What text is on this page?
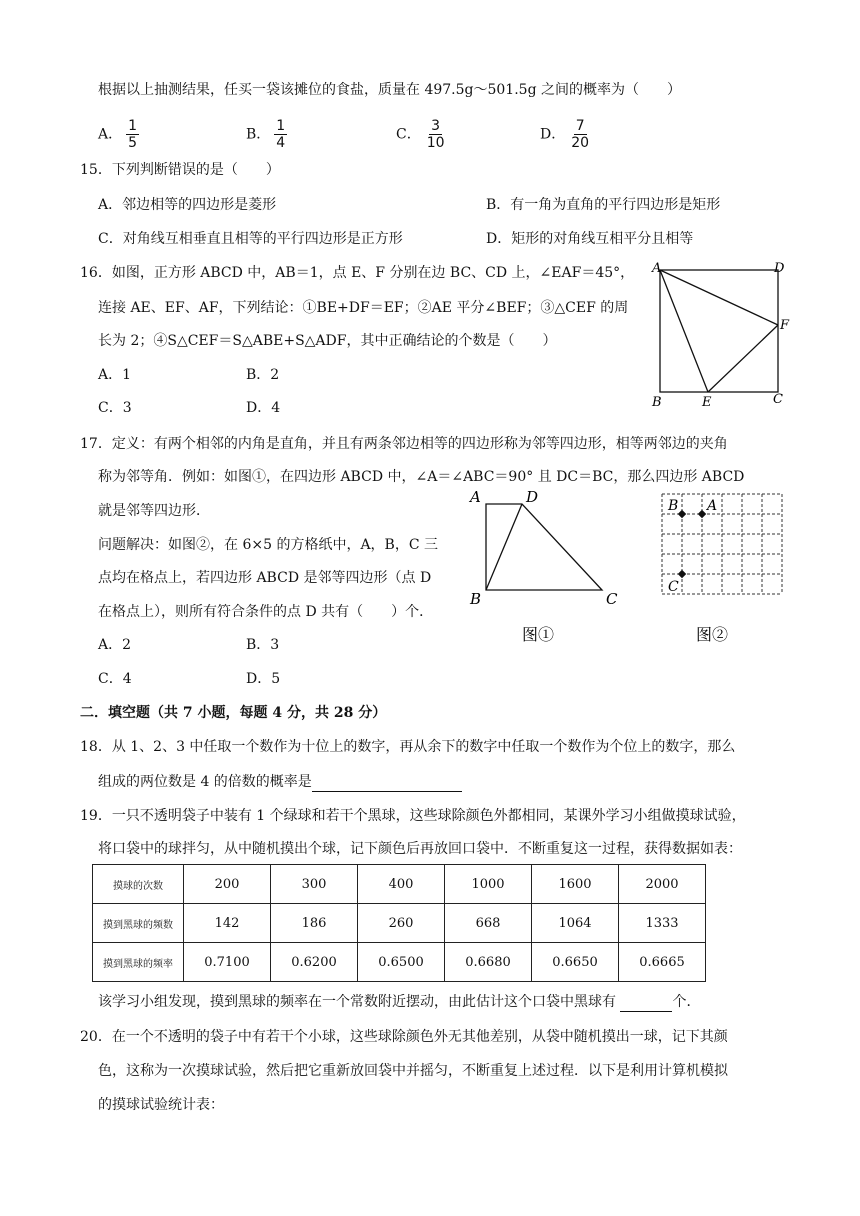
根据以上抽测结果，任买一袋该摊位的食盐，质量在 497.5g～501.5g 之间的概率为（　　）
A． $\frac{1}{5}$	B． $\frac{1}{4}$	C． $\frac{3}{10}$	D． $\frac{7}{20}$
15．下列判断错误的是（　　）
A．邻边相等的四边形是菱形	B．有一角为直角的平行四边形是矩形
C．对角线互相垂直且相等的平行四边形是正方形	D．矩形的对角线互相平分且相等
16．如图，正方形 ABCD 中，AB＝1，点 E、F 分别在边 BC、CD 上，∠EAF＝45°，
连接 AE、EF、AF，下列结论：①BE+DF＝EF；②AE 平分∠BEF；③△CEF 的周
长为 2；④S△CEF＝S△ABE+S△ADF，其中正确结论的个数是（　　）
A．1	B．2
C．3	D．4
A	D
F
B	E	C
17．定义：有两个相邻的内角是直角，并且有两条邻边相等的四边形称为邻等四边形，相等两邻边的夹角
称为邻等角．例如：如图①，在四边形 ABCD 中，∠A＝∠ABC＝90° 且 DC＝BC，那么四边形 ABCD
就是邻等四边形．
问题解决：如图②，在 6×5 的方格纸中，A，B，C 三
点均在格点上，若四边形 ABCD 是邻等四边形（点 D
在格点上），则所有符合条件的点 D 共有（　　）个．
A．2	B．3
C．4	D．5
A	D
B	C
图①
B A
C
图②
二．填空题（共 7 小题，每题 4 分，共 28 分）
18．从 1、2、3 中任取一个数作为十位上的数字，再从余下的数字中任取一个数作为个位上的数字，那么
组成的两位数是 4 的倍数的概率是
19．一只不透明袋子中装有 1 个绿球和若干个黑球，这些球除颜色外都相同，某课外学习小组做摸球试验，
将口袋中的球拌匀，从中随机摸出个球，记下颜色后再放回口袋中．不断重复这一过程，获得数据如表：
摸球的次数	200	300	400	1000	1600	2000
摸到黑球的频数	142	186	260	668	1064	1333
摸到黑球的频率	0.7100	0.6200	0.6500	0.6680	0.6650	0.6665
该学习小组发现，摸到黑球的频率在一个常数附近摆动，由此估计这个口袋中黑球有	个．
20．在一个不透明的袋子中有若干个小球，这些球除颜色外无其他差别，从袋中随机摸出一球，记下其颜
色，这称为一次摸球试验，然后把它重新放回袋中并摇匀，不断重复上述过程．以下是利用计算机模拟
的摸球试验统计表：
